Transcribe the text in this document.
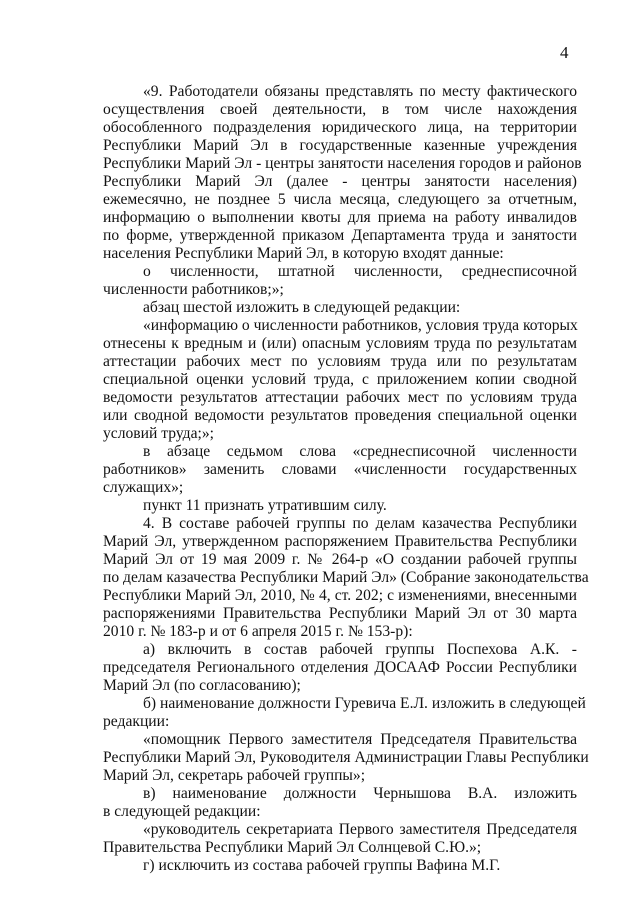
4
«9. Работодатели обязаны представлять по месту фактического
осуществления своей деятельности, в том числе нахождения
обособленного подразделения юридического лица, на территории
Республики Марий Эл в государственные казенные учреждения
Республики Марий Эл - центры занятости населения городов и районов
Республики Марий Эл (далее - центры занятости населения)
ежемесячно, не позднее 5 числа месяца, следующего за отчетным,
информацию о выполнении квоты для приема на работу инвалидов
по форме, утвержденной приказом Департамента труда и занятости
населения Республики Марий Эл, в которую входят данные:
о численности, штатной численности, среднесписочной
численности работников;»;
абзац шестой изложить в следующей редакции:
«информацию о численности работников, условия труда которых
отнесены к вредным и (или) опасным условиям труда по результатам
аттестации рабочих мест по условиям труда или по результатам
специальной оценки условий труда, с приложением копии сводной
ведомости результатов аттестации рабочих мест по условиям труда
или сводной ведомости результатов проведения специальной оценки
условий труда;»;
в абзаце седьмом слова «среднесписочной численности
работников» заменить словами «численности государственных
служащих»;
пункт 11 признать утратившим силу.
4. В составе рабочей группы по делам казачества Республики
Марий Эл, утвержденном распоряжением Правительства Республики
Марий Эл от 19 мая 2009 г. № 264-р «О создании рабочей группы
по делам казачества Республики Марий Эл» (Собрание законодательства
Республики Марий Эл, 2010, № 4, ст. 202; с изменениями, внесенными
распоряжениями Правительства Республики Марий Эл от 30 марта
2010 г. № 183-р и от 6 апреля 2015 г. № 153-р):
а) включить в состав рабочей группы Поспехова А.К. -
председателя Регионального отделения ДОСААФ России Республики
Марий Эл (по согласованию);
б) наименование должности Гуревича Е.Л. изложить в следующей
редакции:
«помощник Первого заместителя Председателя Правительства
Республики Марий Эл, Руководителя Администрации Главы Республики
Марий Эл, секретарь рабочей группы»;
в) наименование должности Чернышова В.А. изложить
в следующей редакции:
«руководитель секретариата Первого заместителя Председателя
Правительства Республики Марий Эл Солнцевой С.Ю.»;
г) исключить из состава рабочей группы Вафина М.Г.
